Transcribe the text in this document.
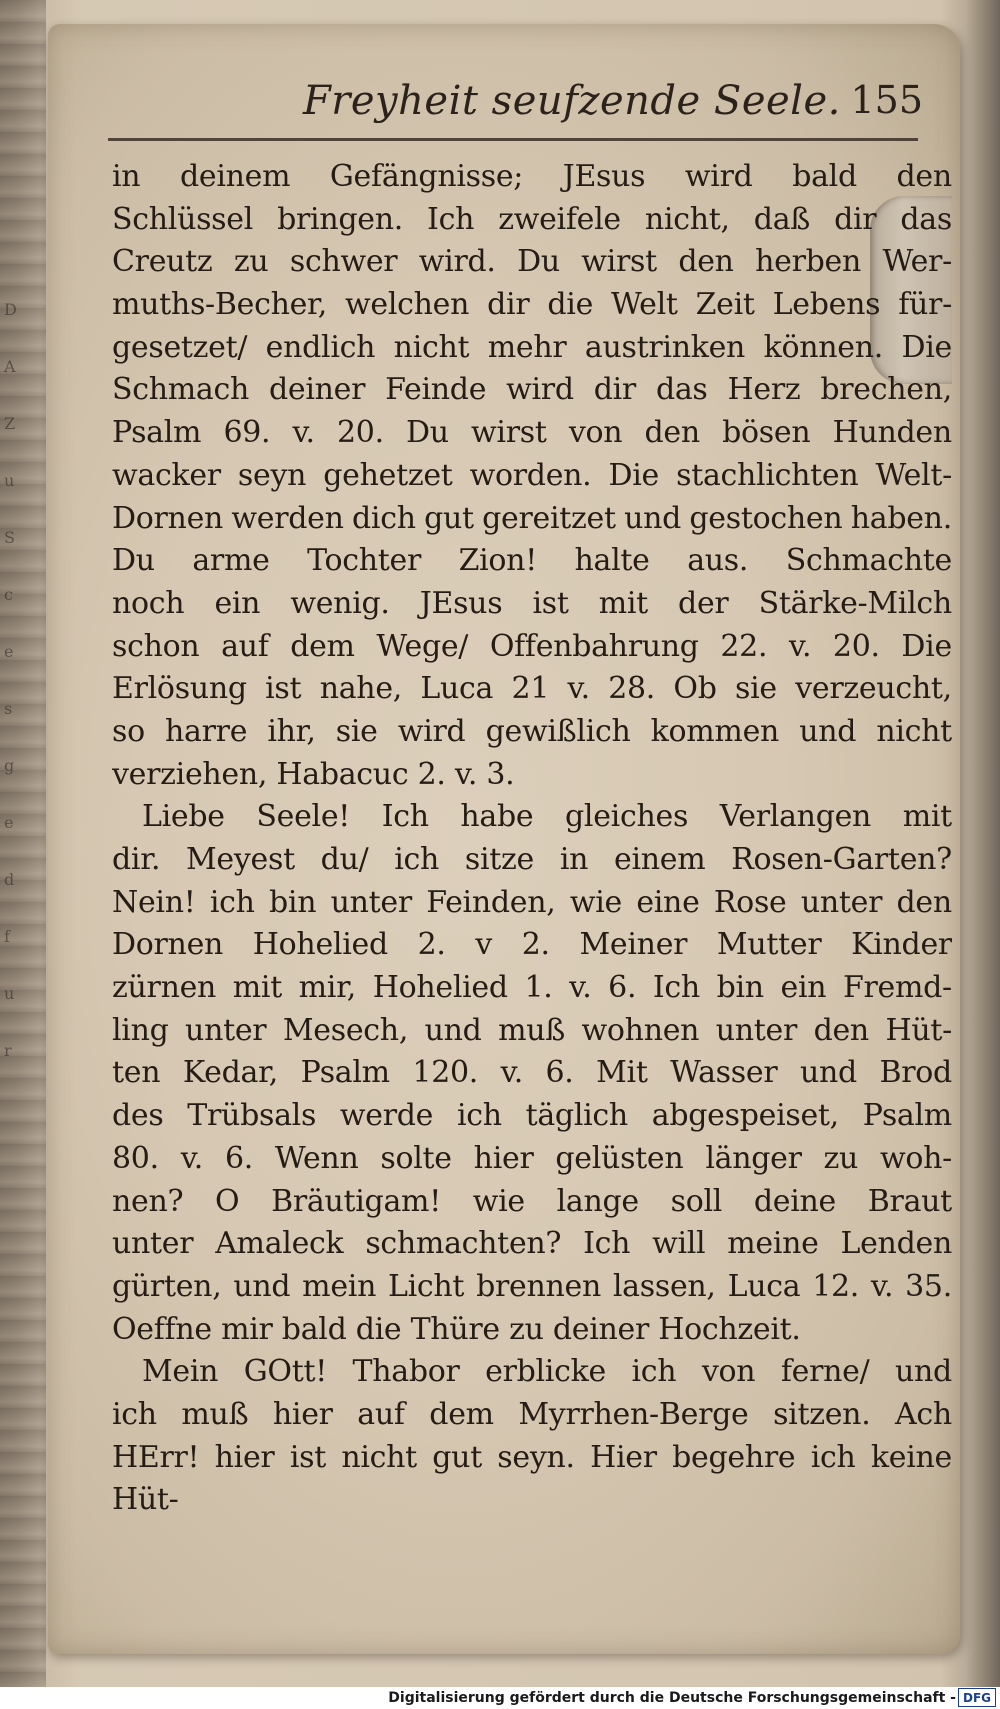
D
A
Z
u
S
c
e
s
g
e
d
f
u
r
Freyheit seufzende Seele. 155
in deinem Gefängnisse; JEsus wird bald den
Schlüssel bringen. Ich zweifele nicht, daß dir das
Creutz zu schwer wird. Du wirst den herben Wer-
muths-Becher, welchen dir die Welt Zeit Lebens für-
gesetzet/ endlich nicht mehr austrinken können. Die
Schmach deiner Feinde wird dir das Herz brechen,
Psalm 69. v. 20. Du wirst von den bösen Hunden
wacker seyn gehetzet worden. Die stachlichten Welt-
Dornen werden dich gut gereitzet und gestochen haben.
Du arme Tochter Zion! halte aus. Schmachte
noch ein wenig. JEsus ist mit der Stärke-Milch
schon auf dem Wege/ Offenbahrung 22. v. 20. Die
Erlösung ist nahe, Luca 21 v. 28. Ob sie verzeucht,
so harre ihr, sie wird gewißlich kommen und nicht
verziehen, Habacuc 2. v. 3.
Liebe Seele! Ich habe gleiches Verlangen mit
dir. Meyest du/ ich sitze in einem Rosen-Garten?
Nein! ich bin unter Feinden, wie eine Rose unter den
Dornen Hohelied 2. v 2. Meiner Mutter Kinder
zürnen mit mir, Hohelied 1. v. 6. Ich bin ein Fremd-
ling unter Mesech, und muß wohnen unter den Hüt-
ten Kedar, Psalm 120. v. 6. Mit Wasser und Brod
des Trübsals werde ich täglich abgespeiset, Psalm
80. v. 6. Wenn solte hier gelüsten länger zu woh-
nen? O Bräutigam! wie lange soll deine Braut
unter Amaleck schmachten? Ich will meine Lenden
gürten, und mein Licht brennen lassen, Luca 12. v. 35.
Oeffne mir bald die Thüre zu deiner Hochzeit.
Mein GOtt! Thabor erblicke ich von ferne/ und
ich muß hier auf dem Myrrhen-Berge sitzen. Ach
HErr! hier ist nicht gut seyn. Hier begehre ich keine
Hüt-
Digitalisierung gefördert durch die Deutsche Forschungsgemeinschaft - DFG
